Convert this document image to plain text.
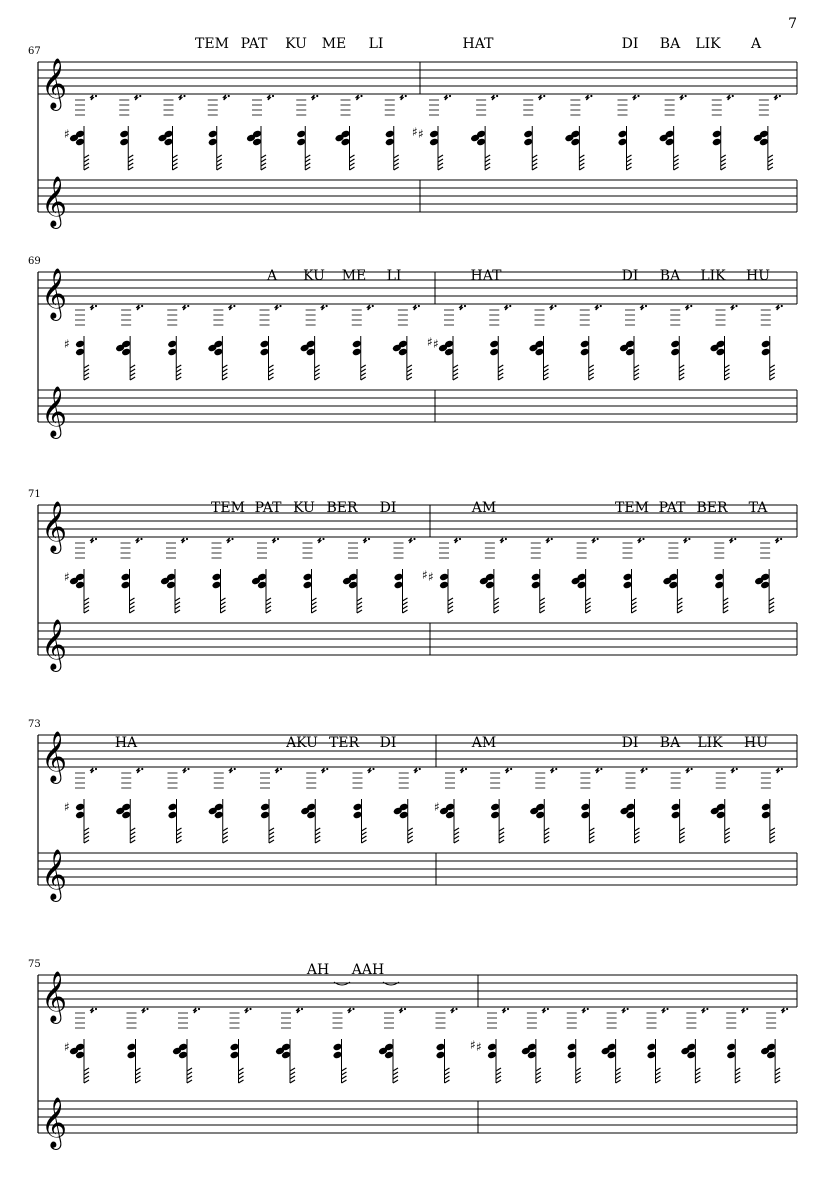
𝄞
𝄞
♯	♯
♯
𝄞
𝄞
♯	♯
♯
𝄞
𝄞
♯	♯
♯
𝄞
𝄞
♯	♯
𝄞
𝄞
♯	♯
♯
67	TEM PAT KU ME LI	HAT	DI BA LIK A
69
A KU ME LI	HAT	DI BA LIK HU
71
TEM PAT KU BER DI	AM	TEM PAT BER TA
73
HA	AKU TER DI	AM	DI BA LIK HU
75	AH AAH
7
